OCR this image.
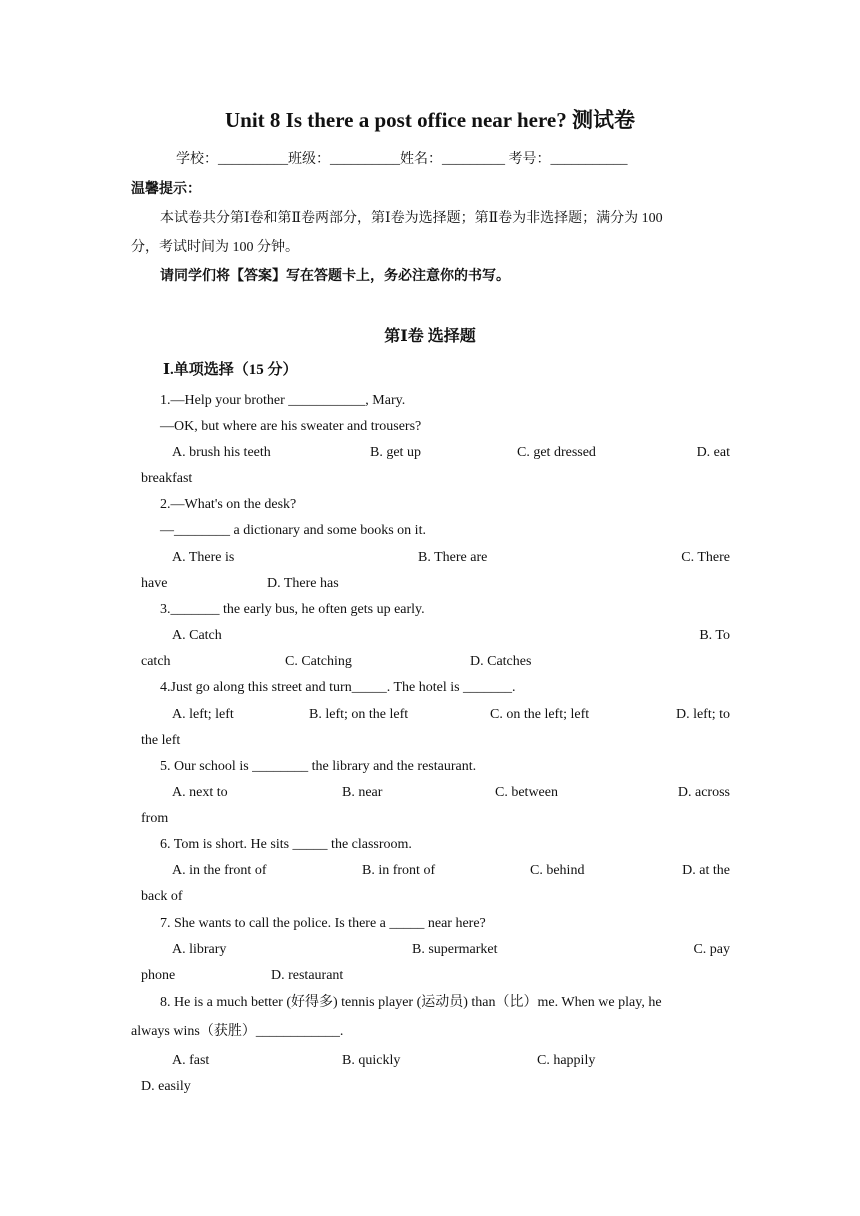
Unit 8 Is there a post office near here? 测试卷
学校：__________班级：__________姓名：_________ 考号：___________
温馨提示：
本试卷共分第Ⅰ卷和第Ⅱ卷两部分，第Ⅰ卷为选择题；第Ⅱ卷为非选择题；满分为 100
分，考试时间为 100 分钟。
请同学们将【答案】写在答题卡上，务必注意你的书写。
第Ⅰ卷 选择题
Ⅰ.单项选择（15 分）
1.—Help your brother ___________, Mary.
—OK, but where are his sweater and trousers?
A. brush his teeth	B. get up	C. get dressed	D. eat
breakfast
2.—What's on the desk?
—________ a dictionary and some books on it.
A. There is	B. There are	C. There
have	D. There has
3._______ the early bus, he often gets up early.
A. Catch	B. To
catch	C. Catching	D. Catches
4.Just go along this street and turn_____. The hotel is _______.
A. left; left	B. left; on the left	C. on the left; left	D. left; to
the left
5. Our school is ________ the library and the restaurant.
A. next to	B. near	C. between	D. across
from
6. Tom is short. He sits _____ the classroom.
A. in the front of	B. in front of	C. behind	D. at the
back of
7. She wants to call the police. Is there a _____ near here?
A. library	B. supermarket	C. pay
phone	D. restaurant
8. He is a much better (好得多) tennis player (运动员) than（比）me. When we play, he
always wins（获胜）____________.
A. fast	B. quickly	C. happily
D. easily
